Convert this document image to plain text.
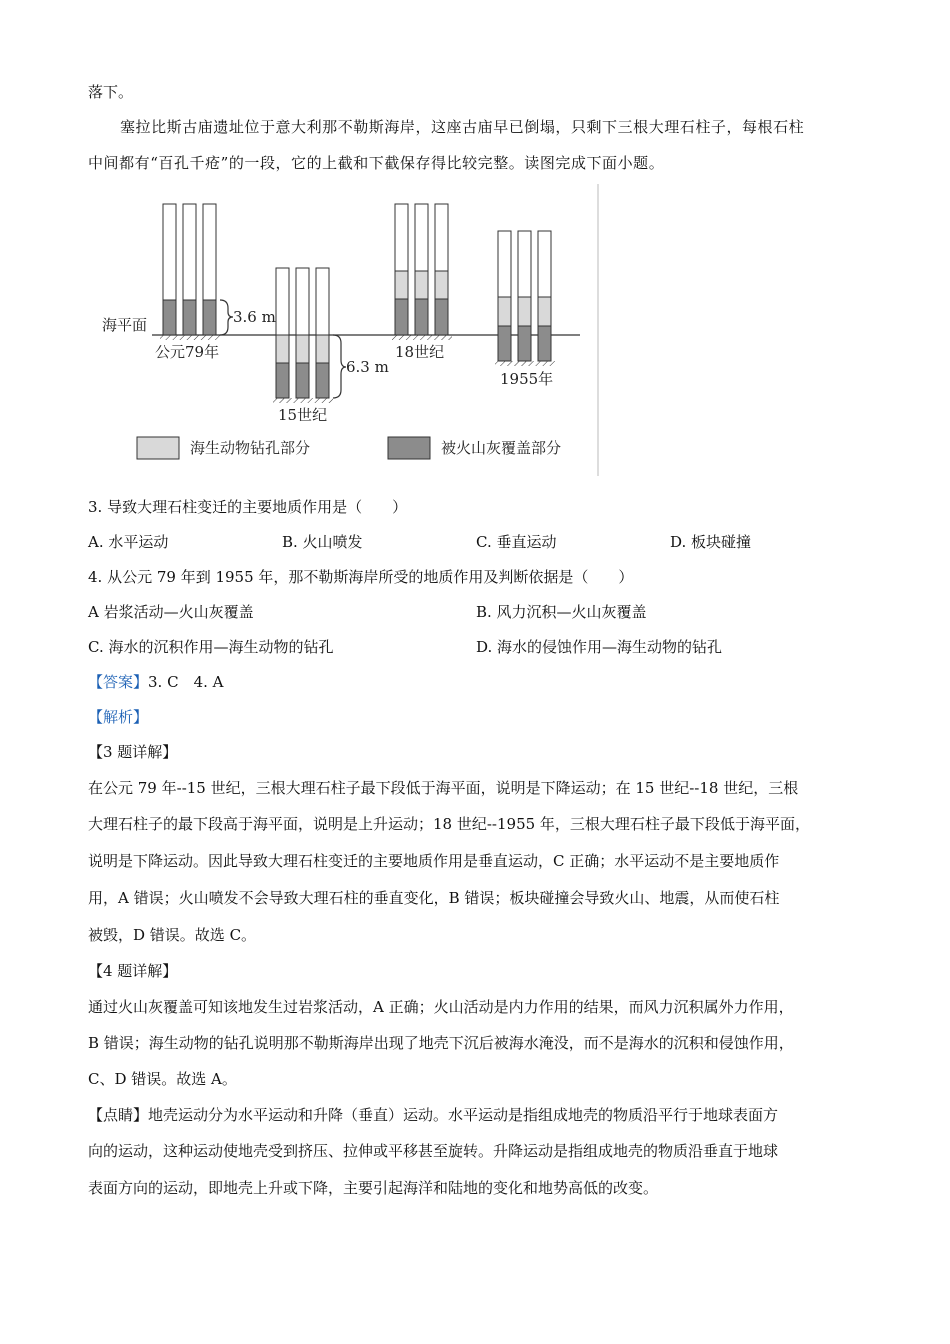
落下。
塞拉比斯古庙遗址位于意大利那不勒斯海岸，这座古庙早已倒塌，只剩下三根大理石柱子，每根石柱
中间都有“百孔千疮”的一段，它的上截和下截保存得比较完整。读图完成下面小题。
海平面	3.6 m
公元79年
6.3 m
15世纪
18世纪
1955年
海生动物钻孔部分	被火山灰覆盖部分
3. 导致大理石柱变迁的主要地质作用是（　　）
A. 水平运动	B. 火山喷发	C. 垂直运动	D. 板块碰撞
4. 从公元 79 年到 1955 年，那不勒斯海岸所受的地质作用及判断依据是（　　）
A 岩浆活动—火山灰覆盖	B. 风力沉积—火山灰覆盖
C. 海水的沉积作用—海生动物的钻孔	D. 海水的侵蚀作用—海生动物的钻孔
【答案】3. C　4. A
【解析】
【3 题详解】
在公元 79 年--15 世纪，三根大理石柱子最下段低于海平面，说明是下降运动；在 15 世纪--18 世纪，三根
大理石柱子的最下段高于海平面，说明是上升运动；18 世纪--1955 年，三根大理石柱子最下段低于海平面，
说明是下降运动。因此导致大理石柱变迁的主要地质作用是垂直运动，C 正确；水平运动不是主要地质作
用，A 错误；火山喷发不会导致大理石柱的垂直变化，B 错误；板块碰撞会导致火山、地震，从而使石柱
被毁，D 错误。故选 C。
【4 题详解】
通过火山灰覆盖可知该地发生过岩浆活动，A 正确；火山活动是内力作用的结果，而风力沉积属外力作用，
B 错误；海生动物的钻孔说明那不勒斯海岸出现了地壳下沉后被海水淹没，而不是海水的沉积和侵蚀作用，
C、D 错误。故选 A。
【点睛】地壳运动分为水平运动和升降（垂直）运动。水平运动是指组成地壳的物质沿平行于地球表面方
向的运动，这种运动使地壳受到挤压、拉伸或平移甚至旋转。升降运动是指组成地壳的物质沿垂直于地球
表面方向的运动，即地壳上升或下降，主要引起海洋和陆地的变化和地势高低的改变。
